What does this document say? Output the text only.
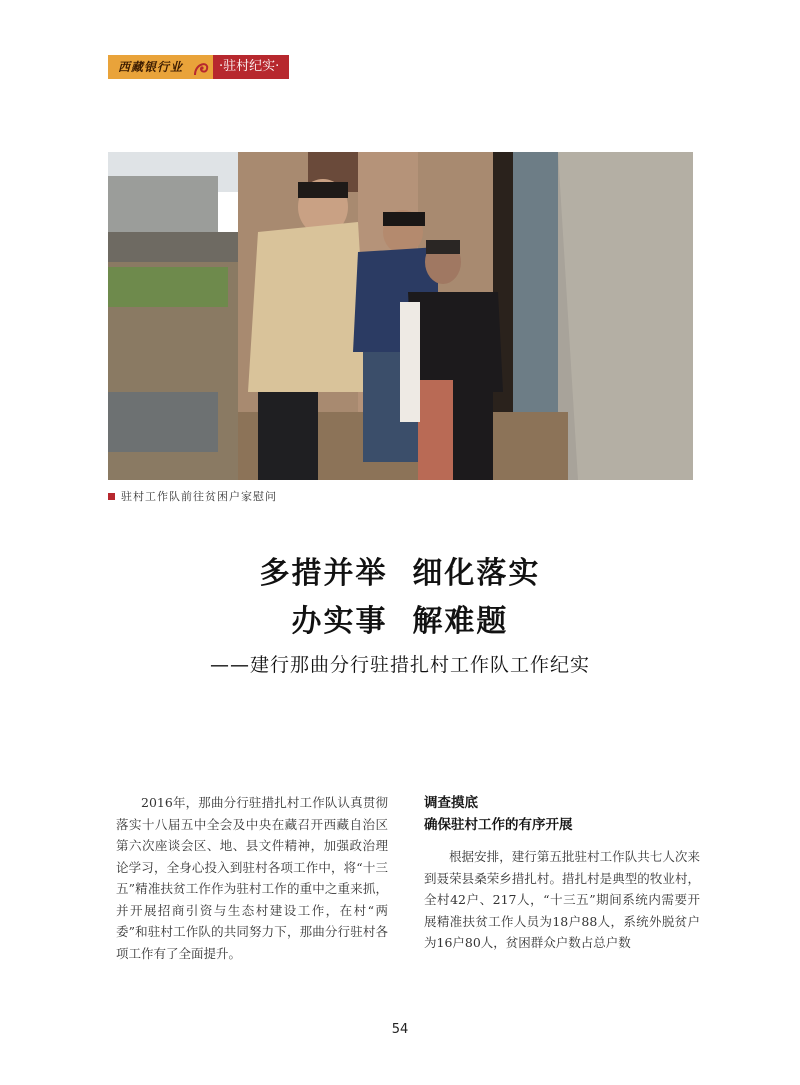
西藏银行业	·驻村纪实·
驻村工作队前往贫困户家慰问
多措并举  细化落实
办实事  解难题
——建行那曲分行驻措扎村工作队工作纪实

2016年，那曲分行驻措扎村工作队认真贯彻落实十八届五中全会及中央在藏召开西藏自治区第六次座谈会区、地、县文件精神，加强政治理论学习，全身心投入到驻村各项工作中，将“十三五”精准扶贫工作作为驻村工作的重中之重来抓，并开展招商引资与生态村建设工作，在村“两委”和驻村工作队的共同努力下，那曲分行驻村各项工作有了全面提升。

调查摸底
确保驻村工作的有序开展

根据安排，建行第五批驻村工作队共七人次来到聂荣县桑荣乡措扎村。措扎村是典型的牧业村，全村42户、217人，“十三五”期间系统内需要开展精准扶贫工作人员为18户88人，系统外脱贫户为16户80人，贫困群众户数占总户数

54
